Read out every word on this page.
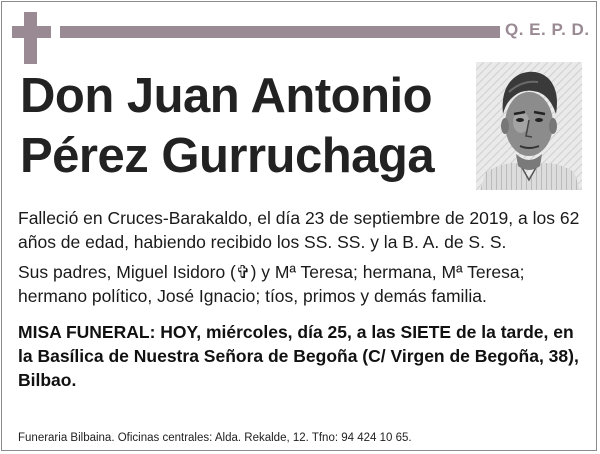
Q. E. P. D.
Don Juan Antonio
Pérez Gurruchaga

Falleció en Cruces-Barakaldo, el día 23 de septiembre de 2019, a los 62 años de edad, habiendo recibido los SS. SS. y la B. A. de S. S.

Sus padres, Miguel Isidoro (✞) y Mª Teresa; hermana, Mª Teresa; hermano político, José Ignacio; tíos, primos y demás familia.

MISA FUNERAL: HOY, miércoles, día 25, a las SIETE de la tarde, en la Basílica de Nuestra Señora de Begoña (C/ Virgen de Begoña, 38), Bilbao.

Funeraria Bilbaina. Oficinas centrales: Alda. Rekalde, 12. Tfno: 94 424 10 65.
